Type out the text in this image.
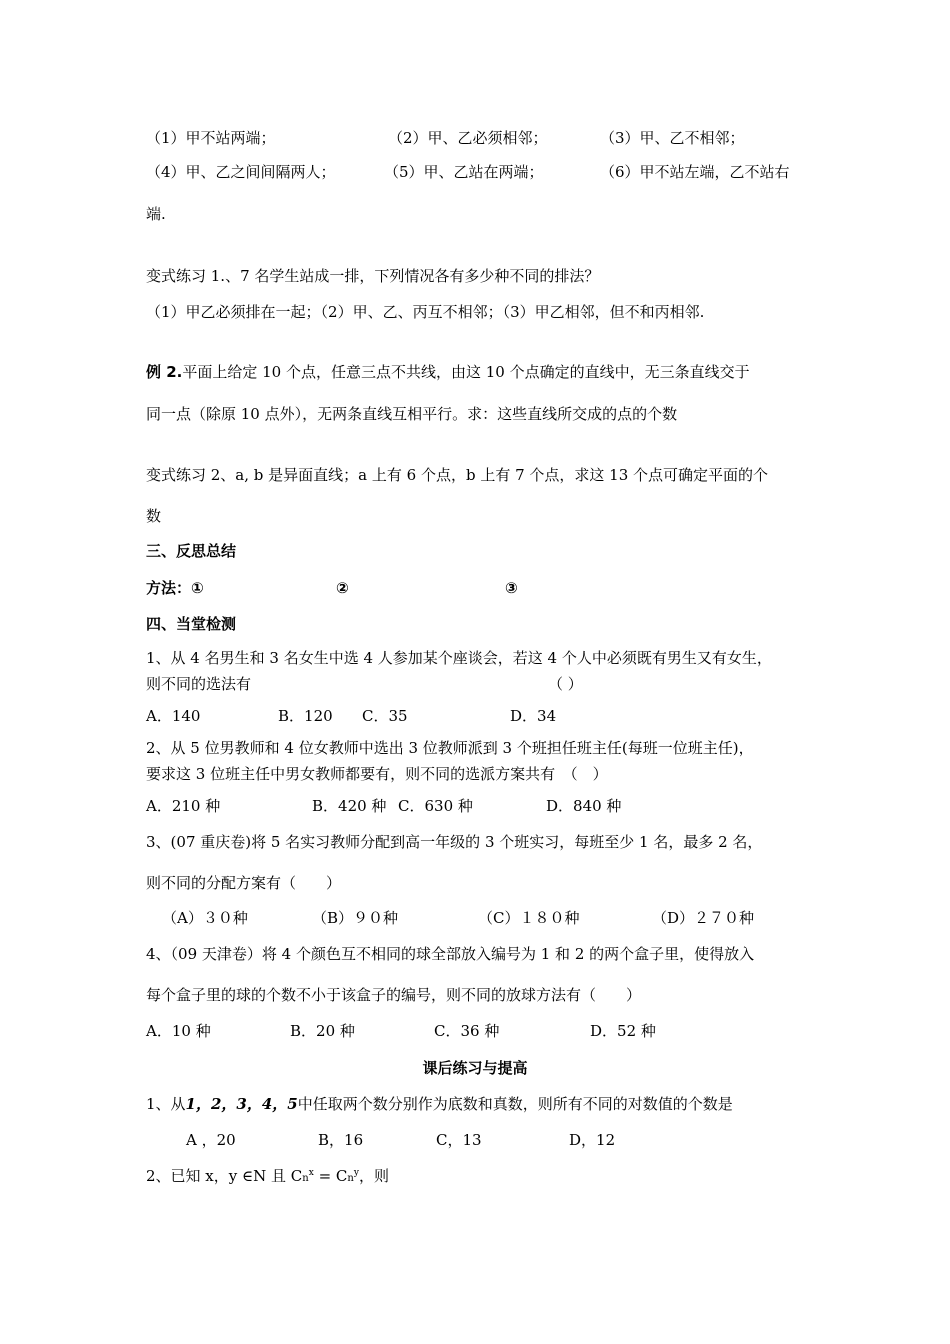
（1）甲不站两端；	（2）甲、乙必须相邻；	（3）甲、乙不相邻；
（4）甲、乙之间间隔两人；	（5）甲、乙站在两端；	（6）甲不站左端，乙不站右
端.
变式练习 1.、7 名学生站成一排，下列情况各有多少种不同的排法？
（1）甲乙必须排在一起；（2）甲、乙、丙互不相邻；（3）甲乙相邻，但不和丙相邻.
例 2.平面上给定 10 个点，任意三点不共线，由这 10 个点确定的直线中，无三条直线交于
同一点（除原 10 点外），无两条直线互相平行。求：这些直线所交成的点的个数
变式练习 2、a, b 是异面直线；a 上有 6 个点，b 上有 7 个点，求这 13 个点可确定平面的个
数
三、反思总结
方法：①	②	③
四、当堂检测
1、从 4 名男生和 3 名女生中选 4 人参加某个座谈会，若这 4 个人中必须既有男生又有女生，
则不同的选法有	（ ）
A．140	B．120 C．35	D．34
2、从 5 位男教师和 4 位女教师中选出 3 位教师派到 3 个班担任班主任(每班一位班主任)，
要求这 3 位班主任中男女教师都要有，则不同的选派方案共有　（　）
A．210 种	B．420 种 C．630 种	D．840 种
3、(07 重庆卷)将 5 名实习教师分配到高一年级的 3 个班实习，每班至少 1 名，最多 2 名，
则不同的分配方案有（　　）
（A）３０种	（B）９０种	（C）１８０种	（D）２７０种
4、（09 天津卷）将 4 个颜色互不相同的球全部放入编号为 1 和 2 的两个盒子里，使得放入
每个盒子里的球的个数不小于该盒子的编号，则不同的放球方法有（　　）
A．10 种	B．20 种	C．36 种	D．52 种
课后练习与提高
1、从1，2，3，4，5中任取两个数分别作为底数和真数，则所有不同的对数值的个数是
A ，20	B，16	C，13	D，12
2、已知 x，y ∈N 且 $Cn^x = Cn^y$，则
